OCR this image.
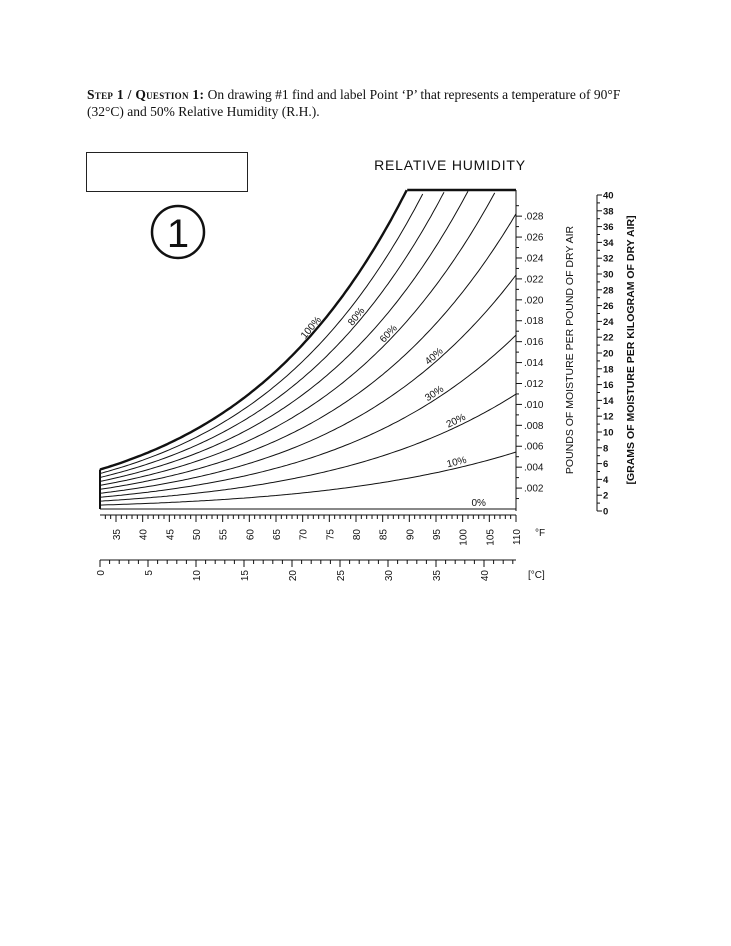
Step 1 / Question 1: On drawing #1 find and label Point ‘P’ that represents a temperature of 90°F (32°C) and 50% Relative Humidity (R.H.).
1
RELATIVE HUMIDITY
.002
.004
.006
.008
.010
.012
.014
.016
.018
.020
.022
.024
.026
.028
0
2
4
6
8
10
12
14
16
18
20
22
24
26
28
30
32
34
36
38
40
35 40 45 50 55 60 65 70 75 80 85 90 95 100 105 110
0	5	10	15	20	25	30	35	40
100% 80%
60%
40%
30%
20%
10%
0%
°F
[°C]
POUNDS OF MOISTURE PER POUND OF DRY AIR	[GRAMS OF MOISTURE PER KILOGRAM OF DRY AIR]
